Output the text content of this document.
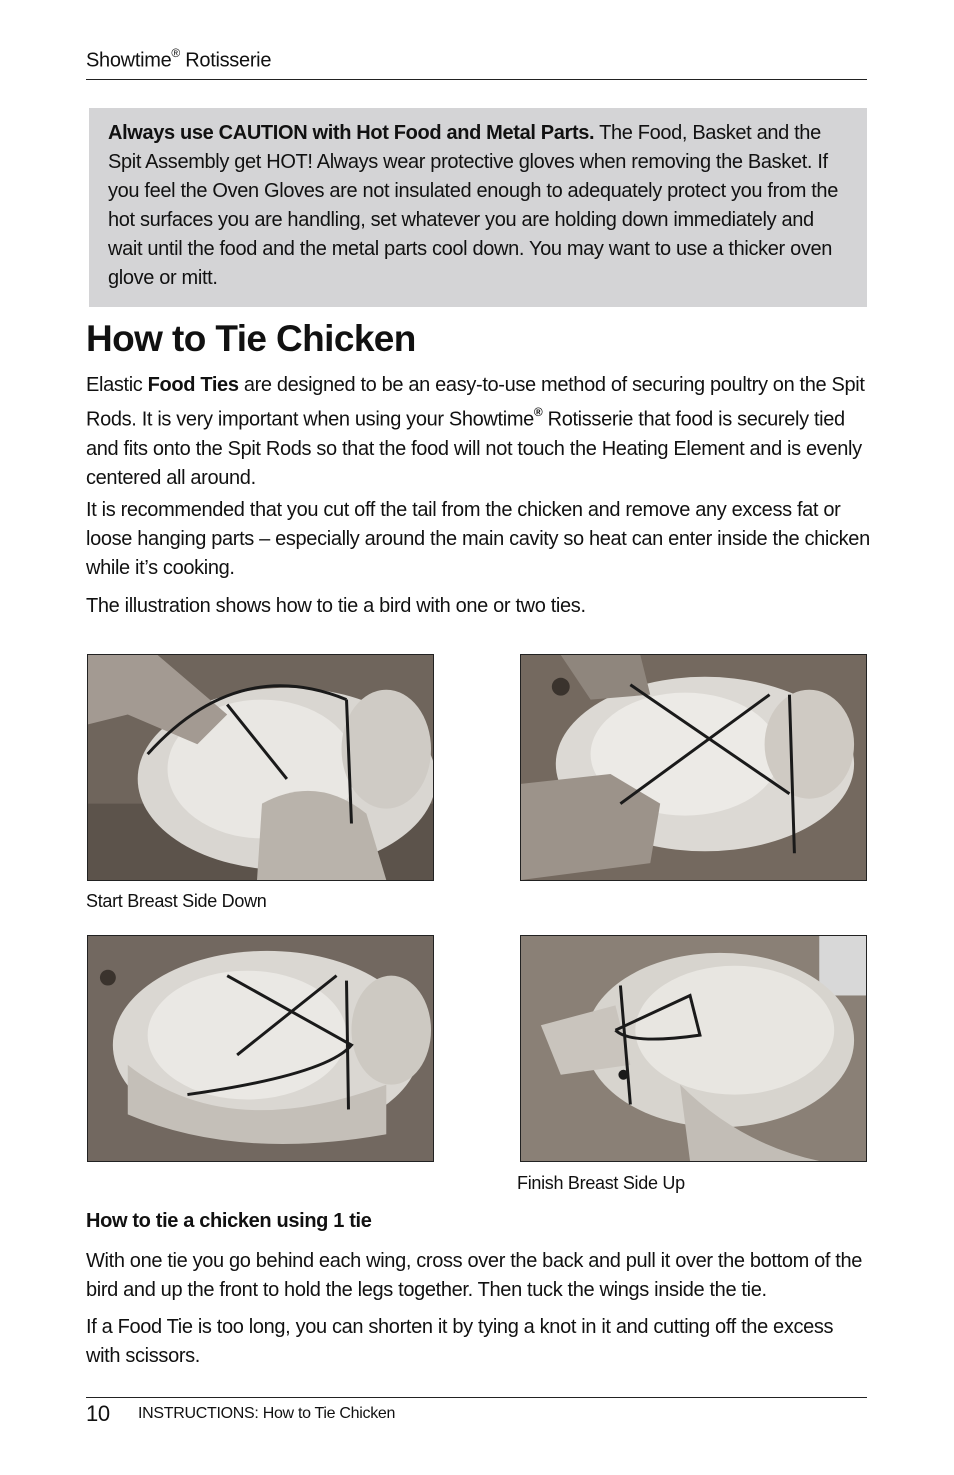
Showtime® Rotisserie
Always use CAUTION with Hot Food and Metal Parts. The Food, Basket and the Spit Assembly get HOT! Always wear protective gloves when removing the Basket. If you feel the Oven Gloves are not insulated enough to adequately protect you from the hot surfaces you are handling, set whatever you are holding down immediately and wait until the food and the metal parts cool down. You may want to use a thicker oven glove or mitt.
How to Tie Chicken

Elastic Food Ties are designed to be an easy-to-use method of securing poultry on the Spit Rods. It is very important when using your Showtime® Rotisserie that food is securely tied and fits onto the Spit Rods so that the food will not touch the Heating Element and is evenly centered all around.

It is recommended that you cut off the tail from the chicken and remove any excess fat or loose hanging parts – especially around the main cavity so heat can enter inside the chicken while it’s cooking.

The illustration shows how to tie a bird with one or two ties.

Start Breast Side Down
Finish Breast Side Up
How to tie a chicken using 1 tie

With one tie you go behind each wing, cross over the back and pull it over the bottom of the bird and up the front to hold the legs together. Then tuck the wings inside the tie.

If a Food Tie is too long, you can shorten it by tying a knot in it and cutting off the excess with scissors.

10 INSTRUCTIONS: How to Tie Chicken
